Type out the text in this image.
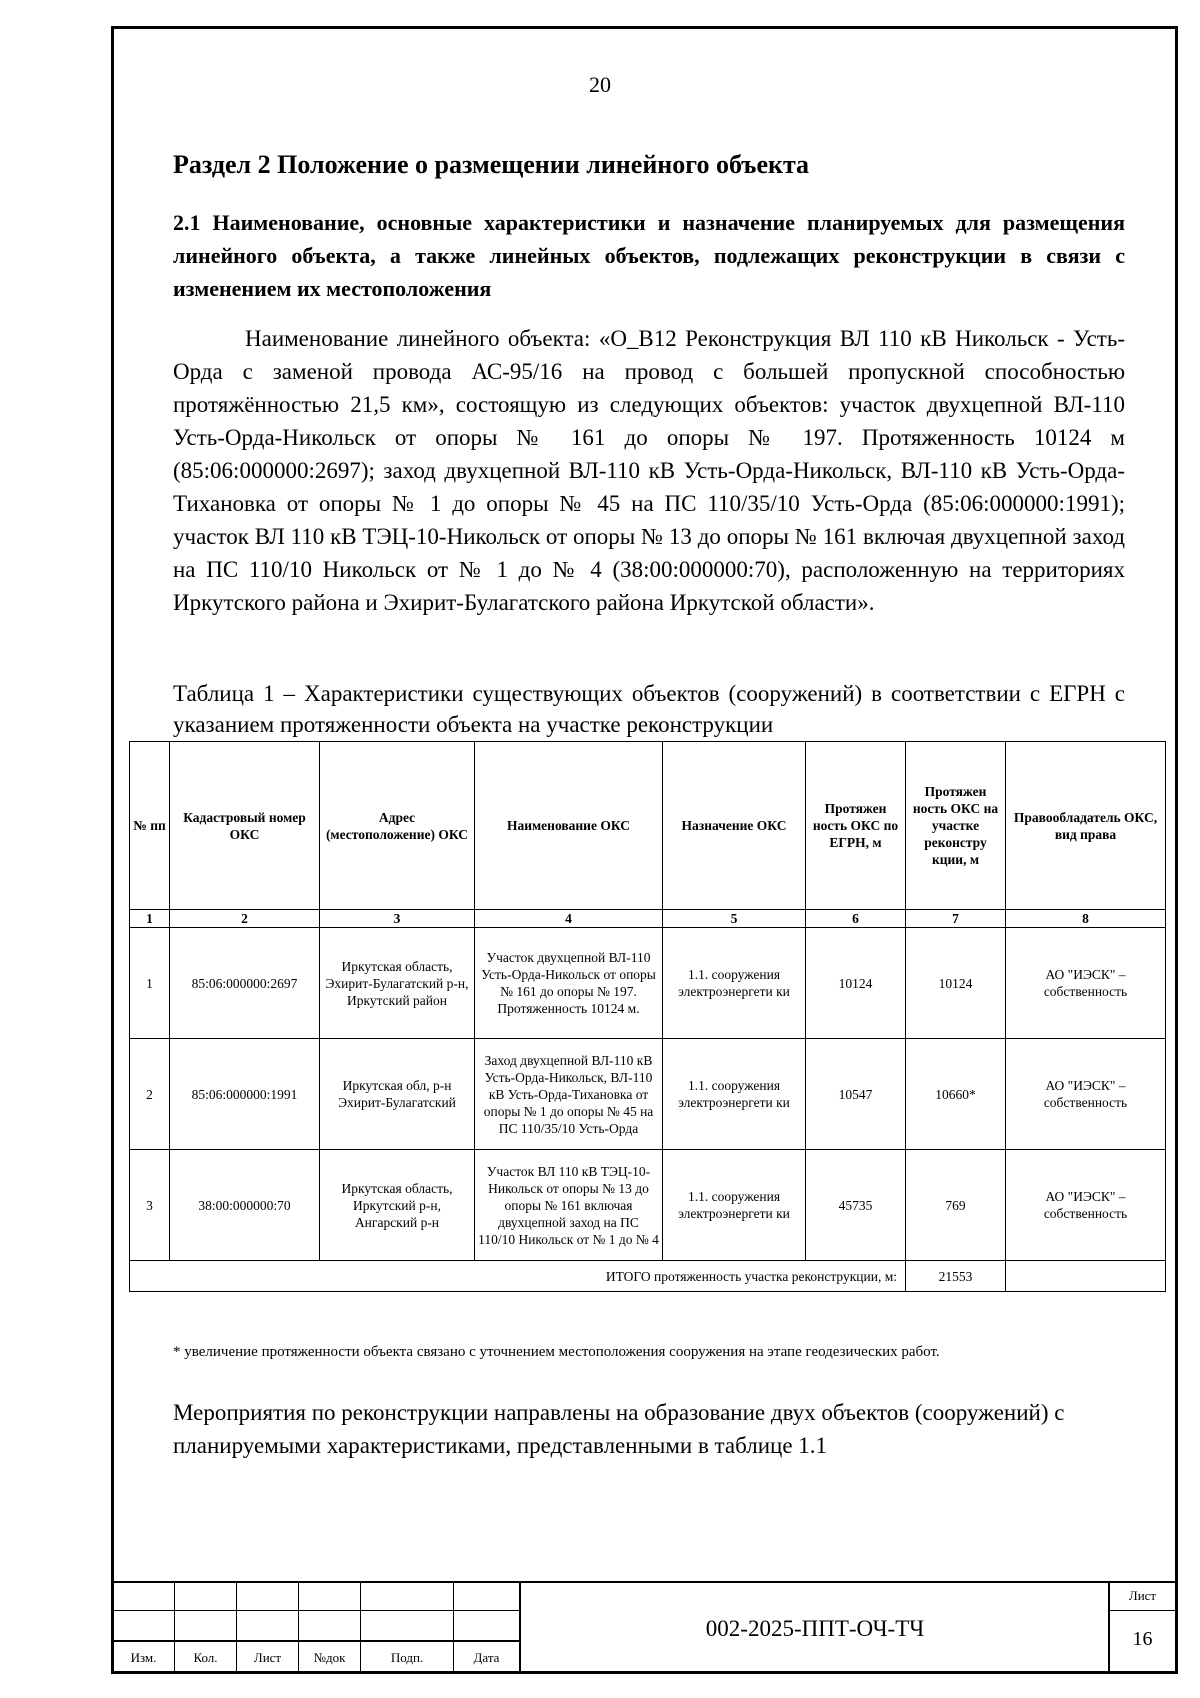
20
Раздел 2 Положение о размещении линейного объекта
2.1 Наименование, основные характеристики и назначение планируемых для размещения линейного объекта, а также линейных объектов, подлежащих реконструкции в связи с изменением их местоположения
Наименование линейного объекта: «О_В12 Реконструкция ВЛ 110 кВ Никольск - Усть-Орда с заменой провода АС-95/16 на провод с большей пропускной способностью протяжённостью 21,5 км», состоящую из следующих объектов: участок двухцепной ВЛ-110 Усть-Орда-Никольск от опоры № 161 до опоры № 197. Протяженность 10124 м (85:06:000000:2697); заход двухцепной ВЛ-110 кВ Усть-Орда-Никольск, ВЛ-110 кВ Усть-Орда-Тихановка от опоры № 1 до опоры № 45 на ПС 110/35/10 Усть-Орда (85:06:000000:1991); участок ВЛ 110 кВ ТЭЦ-10-Никольск от опоры № 13 до опоры № 161 включая двухцепной заход на ПС 110/10 Никольск от № 1 до № 4 (38:00:000000:70), расположенную на территориях Иркутского района и Эхирит-Булагатского района Иркутской области».
Таблица 1 – Характеристики существующих объектов (сооружений) в соответствии с ЕГРН с указанием протяженности объекта на участке реконструкции
№ пп	Кадастровый номер ОКС	Адрес (местоположение) ОКС	Наименование ОКС	Назначение ОКС	Протяжен ность ОКС по ЕГРН, м	Протяжен ность ОКС на участке реконстру кции, м	Правообладатель ОКС, вид права
1	2	3	4	5	6	7	8
1	85:06:000000:2697	Иркутская область, Эхирит-Булагатский р-н, Иркутский район	Участок двухцепной ВЛ-110 Усть-Орда-Никольск от опоры № 161 до опоры № 197. Протяженность 10124 м.	1.1. сооружения электроэнергети ки	10124	10124	АО "ИЭСК" – собственность
2	85:06:000000:1991	Иркутская обл, р-н Эхирит-Булагатский	Заход двухцепной ВЛ-110 кВ Усть-Орда-Никольск, ВЛ-110 кВ Усть-Орда-Тихановка от опоры № 1 до опоры № 45 на ПС 110/35/10 Усть-Орда	1.1. сооружения электроэнергети ки	10547	10660*	АО "ИЭСК" – собственность
3	38:00:000000:70	Иркутская область, Иркутский р-н, Ангарский р-н	Участок ВЛ 110 кВ ТЭЦ-10-Никольск от опоры № 13 до опоры № 161 включая двухцепной заход на ПС 110/10 Никольск от № 1 до № 4	1.1. сооружения электроэнергети ки	45735	769	АО "ИЭСК" – собственность
ИТОГО протяженность участка реконструкции, м:						21553	
* увеличение протяженности объекта связано с уточнением местоположения сооружения на этапе геодезических работ.
Мероприятия по реконструкции направлены на образование двух объектов (сооружений) с планируемыми характеристиками, представленными в таблице 1.1
Изм.	Кол.	Лист	№док	Подп.	Дата
002-2025-ППТ-ОЧ-ТЧ
Лист
16
